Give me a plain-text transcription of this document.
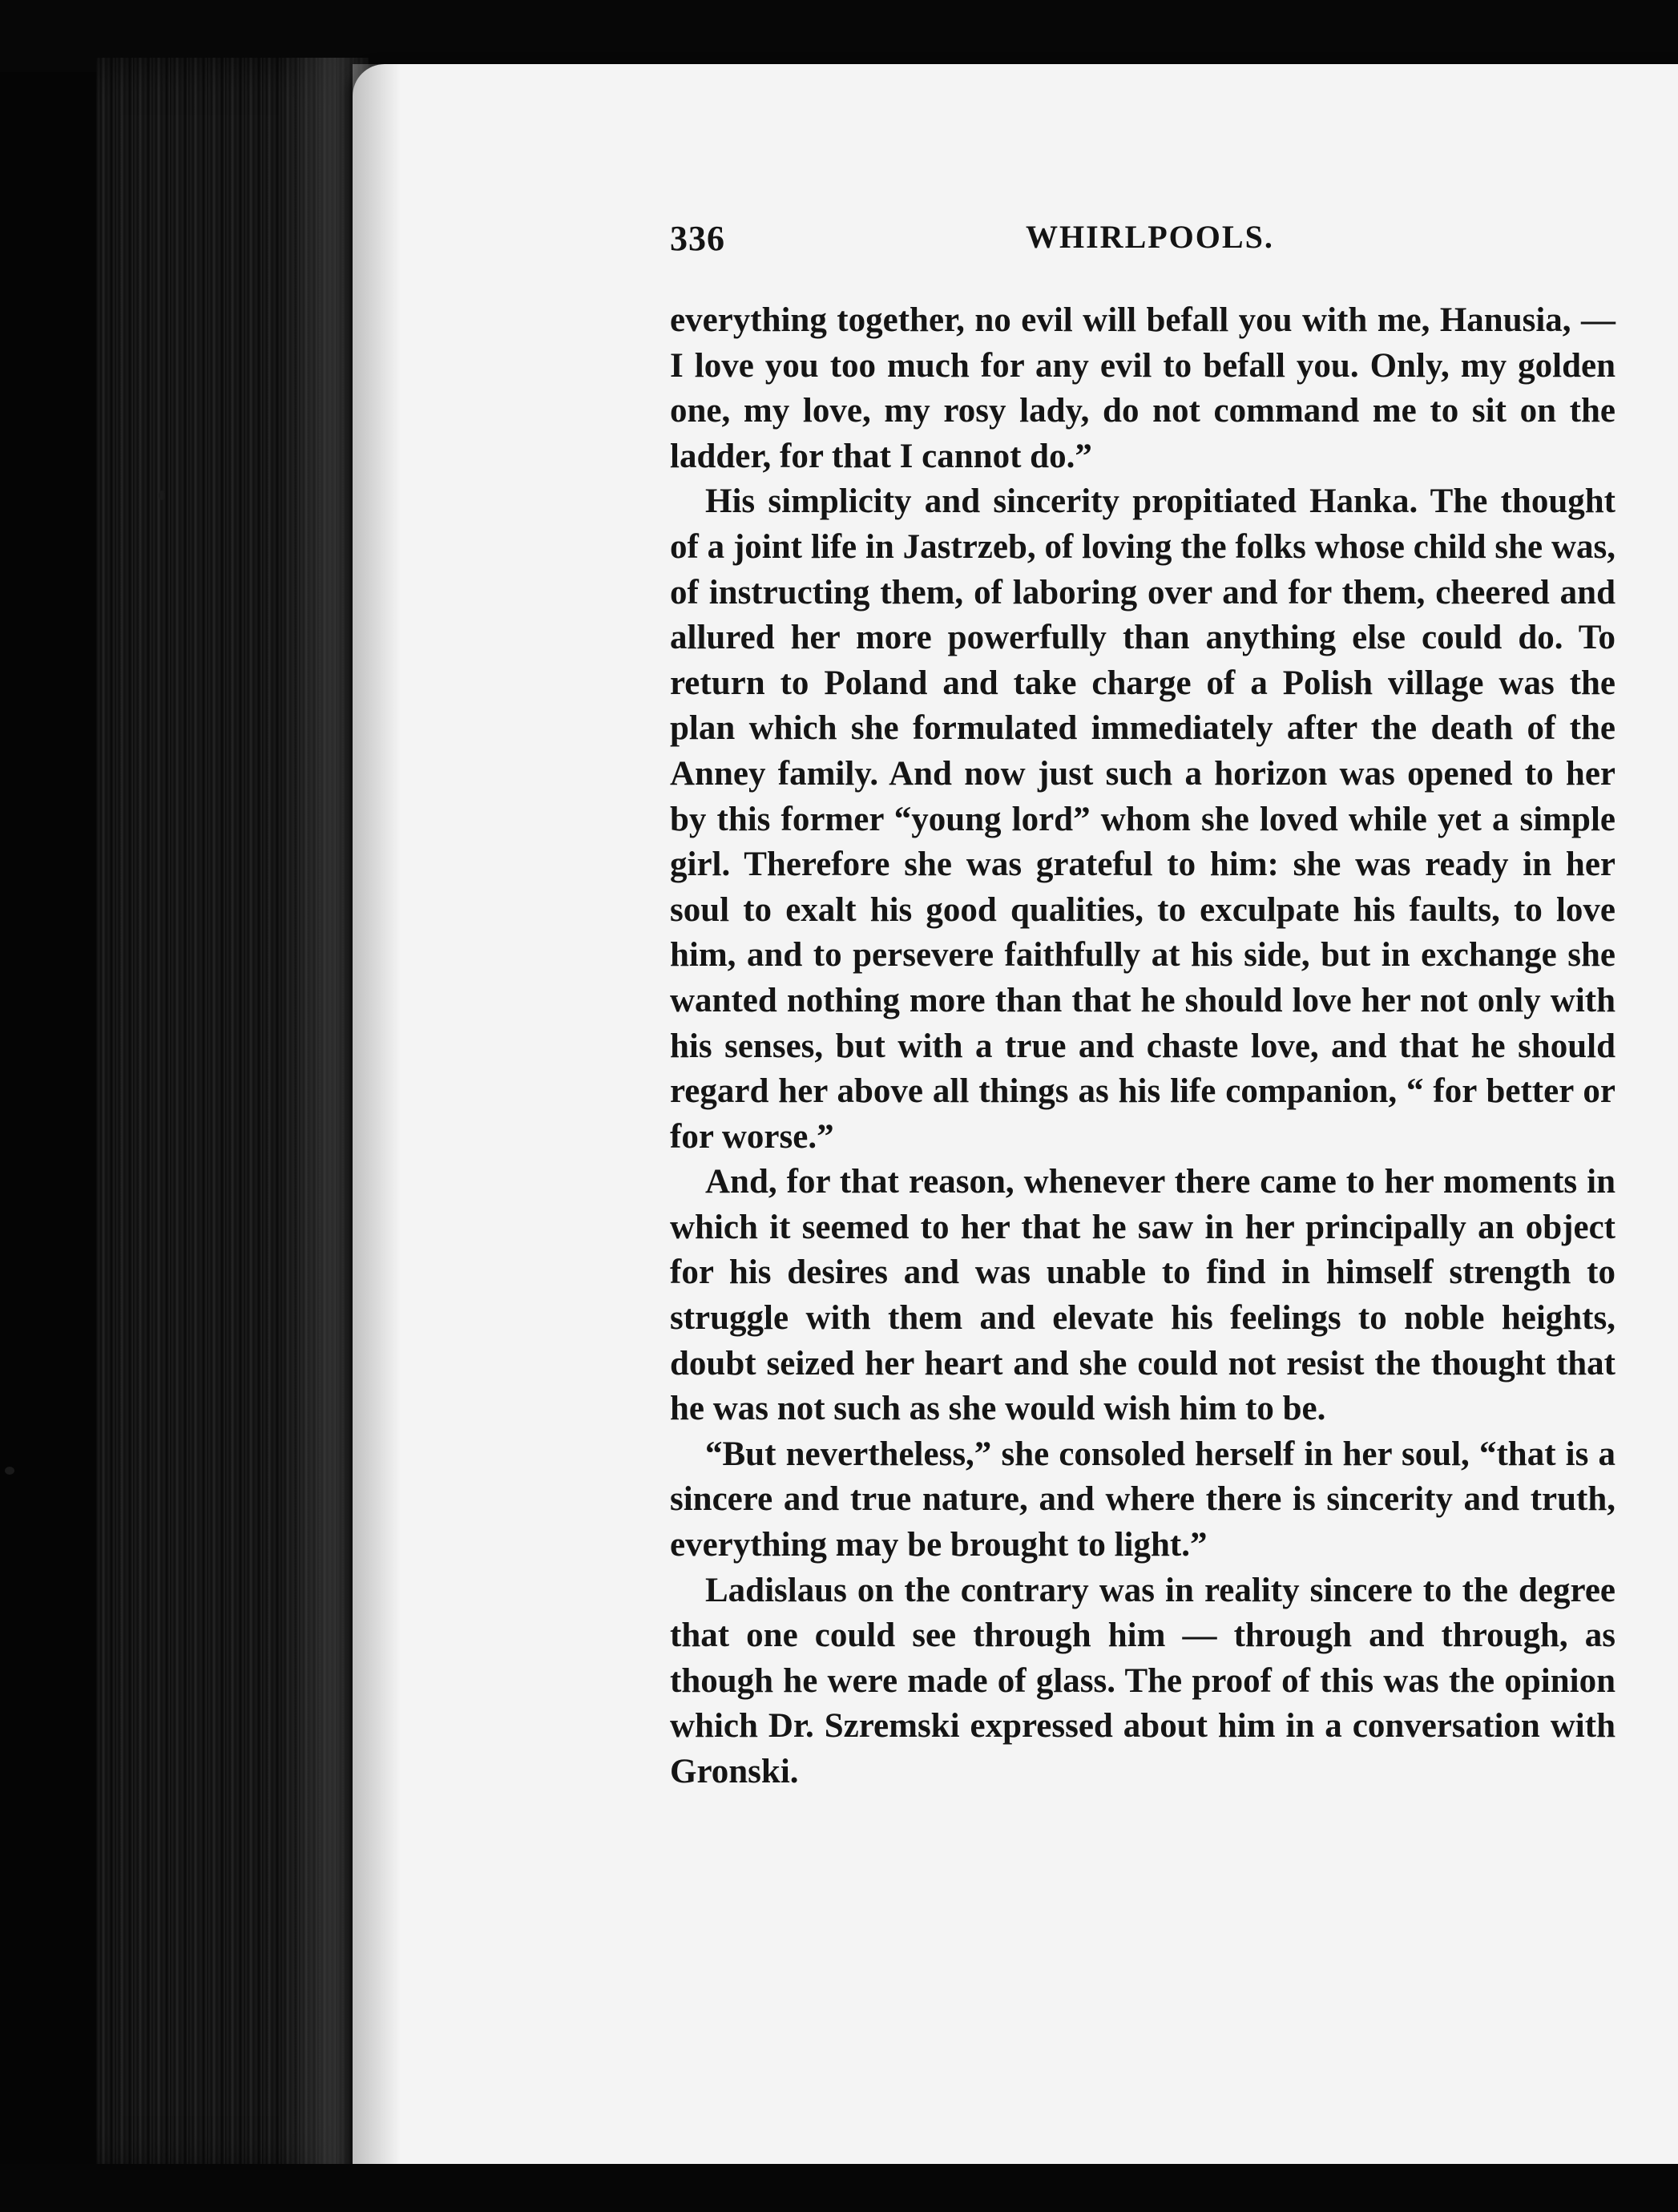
336	WHIRLPOOLS.

everything together, no evil will befall you with me, Hanusia, — I love you too much for any evil to befall you. Only, my golden one, my love, my rosy lady, do not command me to sit on the ladder, for that I cannot do.”

His simplicity and sincerity propitiated Hanka. The thought of a joint life in Jastrzeb, of loving the folks whose child she was, of instructing them, of laboring over and for them, cheered and allured her more powerfully than anything else could do. To return to Poland and take charge of a Polish village was the plan which she formulated immediately after the death of the Anney family. And now just such a horizon was opened to her by this former “young lord” whom she loved while yet a simple girl. Therefore she was grateful to him: she was ready in her soul to exalt his good qualities, to exculpate his faults, to love him, and to persevere faithfully at his side, but in exchange she wanted nothing more than that he should love her not only with his senses, but with a true and chaste love, and that he should regard her above all things as his life companion, “ for better or for worse.”

And, for that reason, whenever there came to her moments in which it seemed to her that he saw in her principally an object for his desires and was unable to find in himself strength to struggle with them and elevate his feelings to noble heights, doubt seized her heart and she could not resist the thought that he was not such as she would wish him to be.

“But nevertheless,” she consoled herself in her soul, “that is a sincere and true nature, and where there is sincerity and truth, everything may be brought to light.”

Ladislaus on the contrary was in reality sincere to the degree that one could see through him — through and through, as though he were made of glass. The proof of this was the opinion which Dr. Szremski expressed about him in a conversation with Gronski.
